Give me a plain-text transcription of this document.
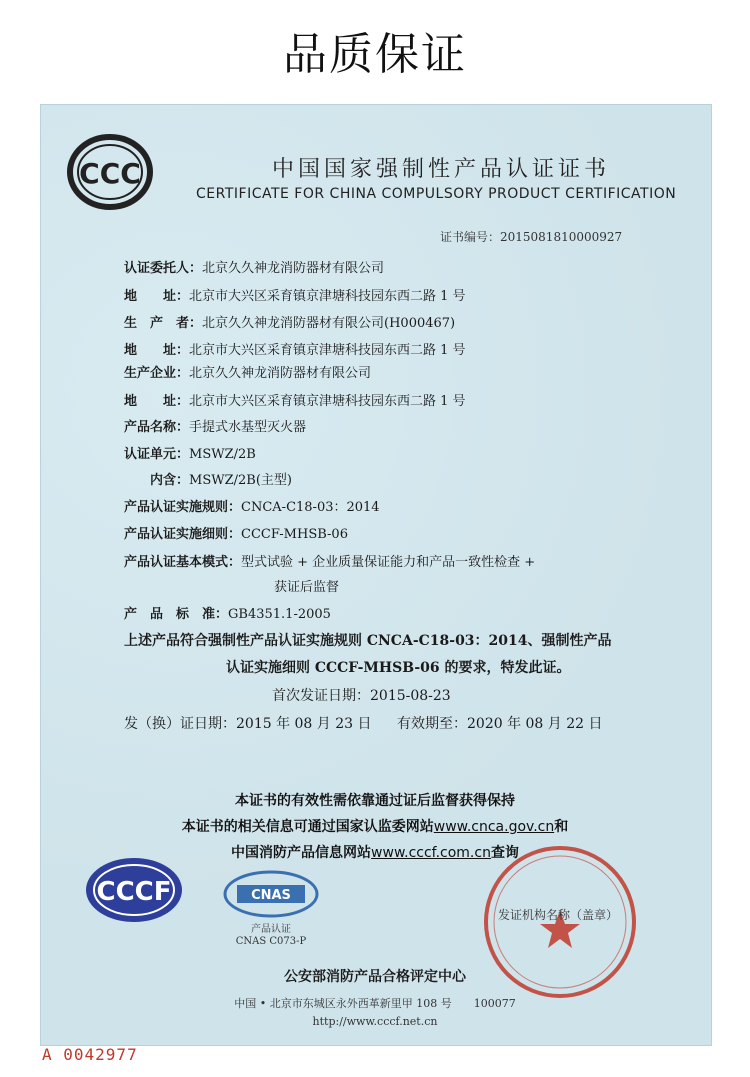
品质保证
CCC	中国国家强制性产品认证证书
CERTIFICATE FOR CHINA COMPULSORY PRODUCT CERTIFICATION
证书编号：2015081810000927
认证委托人：北京久久神龙消防器材有限公司
地　　址：北京市大兴区采育镇京津塘科技园东西二路 1 号
生　产　者：北京久久神龙消防器材有限公司(H000467)
地　　址：北京市大兴区采育镇京津塘科技园东西二路 1 号
生产企业：北京久久神龙消防器材有限公司
地　　址：北京市大兴区采育镇京津塘科技园东西二路 1 号
产品名称：手提式水基型灭火器
认证单元：MSWZ/2B
　　内含：MSWZ/2B(主型)
产品认证实施规则：CNCA-C18-03：2014
产品认证实施细则：CCCF-MHSB-06
产品认证基本模式：型式试验 + 企业质量保证能力和产品一致性检查 +
获证后监督
产　品　标　准：GB4351.1-2005
上述产品符合强制性产品认证实施规则 CNCA-C18-03：2014、强制性产品
认证实施细则 CCCF-MHSB-06 的要求，特发此证。
首次发证日期：2015-08-23
发（换）证日期：2015 年 08 月 23 日 有效期至：2020 年 08 月 22 日
本证书的有效性需依靠通过证后监督获得保持
本证书的相关信息可通过国家认监委网站www.cnca.gov.cn和
中国消防产品信息网站www.cccf.com.cn查询
CCCF	CNAS
产品认证
CNAS C073-P
发证机构名称（盖章）
公安部消防产品合格评定中心
中国 • 北京市东城区永外西革新里甲 108 号　　100077
http://www.cccf.net.cn
A 0042977
